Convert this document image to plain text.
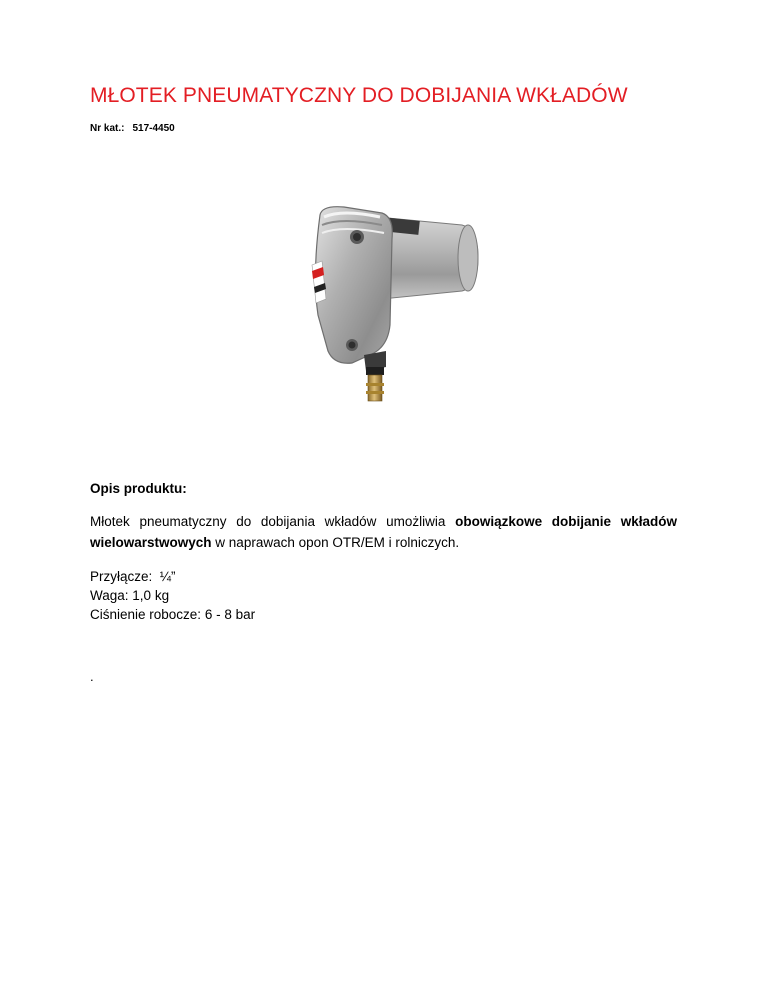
MŁOTEK PNEUMATYCZNY DO DOBIJANIA WKŁADÓW
Nr kat.: 517-4450
Opis produktu:

Młotek pneumatyczny do dobijania wkładów umożliwia obowiązkowe dobijanie wkładów wielowarstwowych w naprawach opon OTR/EM i rolniczych.

Przyłącze: ¼”
Waga: 1,0 kg
Ciśnienie robocze: 6 - 8 bar
.
